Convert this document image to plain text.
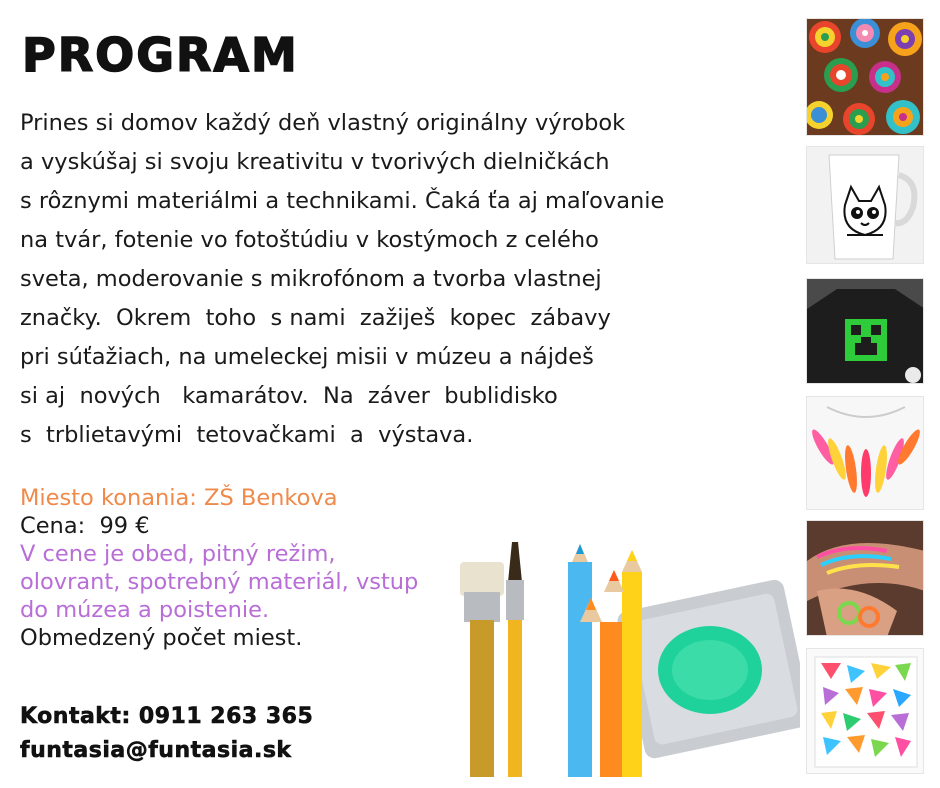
PROGRAM
Prines si domov každý deň vlastný originálny výrobok
a vyskúšaj si svoju kreativitu v tvorivých dielničkách
s rôznymi materiálmi a technikami. Čaká ťa aj maľovanie
na tvár, fotenie vo fotoštúdiu v kostýmoch z celého
sveta, moderovanie s mikrofónom a tvorba vlastnej
značky.  Okrem  toho  s nami  zažiješ  kopec  zábavy
pri súťažiach, na umeleckej misii v múzeu a nájdeš
si aj  nových   kamarátov.  Na  záver  bublidisko
s  trblietavými  tetovačkami  a  výstava.
Miesto konania: ZŠ Benkova
Cena:  99 €
V cene je obed, pitný režim, olovrant, spotrebný materiál, vstup do múzea a poistenie.
Obmedzený počet miest.
Kontakt: 0911 263 365
funtasia@funtasia.sk
